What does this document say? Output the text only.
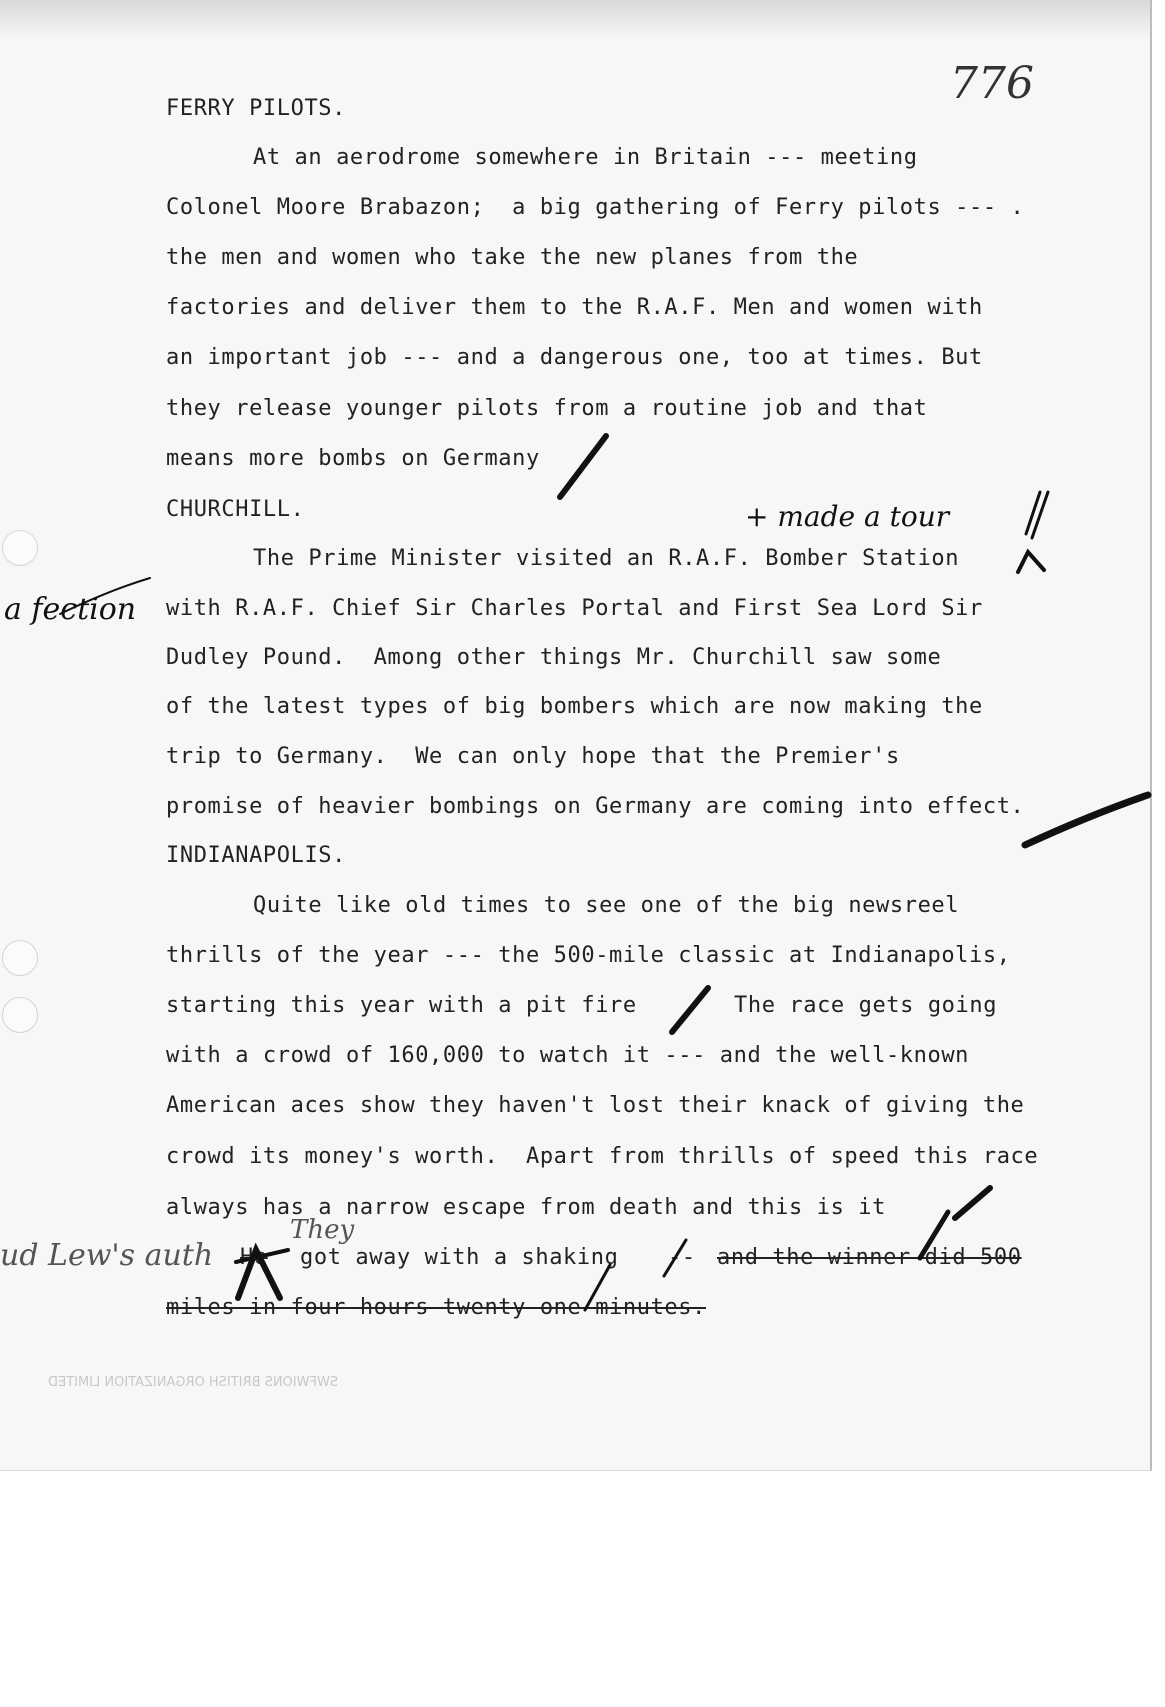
776
FERRY PILOTS.
At an aerodrome somewhere in Britain --- meeting
Colonel Moore Brabazon;  a big gathering of Ferry pilots --- .
the men and women who take the new planes from the
factories and deliver them to the R.A.F. Men and women with
an important job --- and a dangerous one, too at times. But
they release younger pilots from a routine job and that
means more bombs on Germany
CHURCHILL.
The Prime Minister visited an R.A.F. Bomber Station
with R.A.F. Chief Sir Charles Portal and First Sea Lord Sir
Dudley Pound.  Among other things Mr. Churchill saw some
of the latest types of big bombers which are now making the
trip to Germany.  We can only hope that the Premier's
promise of heavier bombings on Germany are coming into effect.
INDIANAPOLIS.
Quite like old times to see one of the big newsreel
thrills of the year --- the 500-mile classic at Indianapolis,
starting this year with a pit fire	The race gets going
with a crowd of 160,000 to watch it --- and the well-known
American aces show they haven't lost their knack of giving the
crowd its money's worth.  Apart from thrills of speed this race
always has a narrow escape from death and this is it
He got away with a shaking -- and the winner did 500
miles in four hours twenty-one minutes.
+ made a tour
a fection
They
ud Lew's auth
SWFWIONS BRITISH ORGANIZATION LIMITED
